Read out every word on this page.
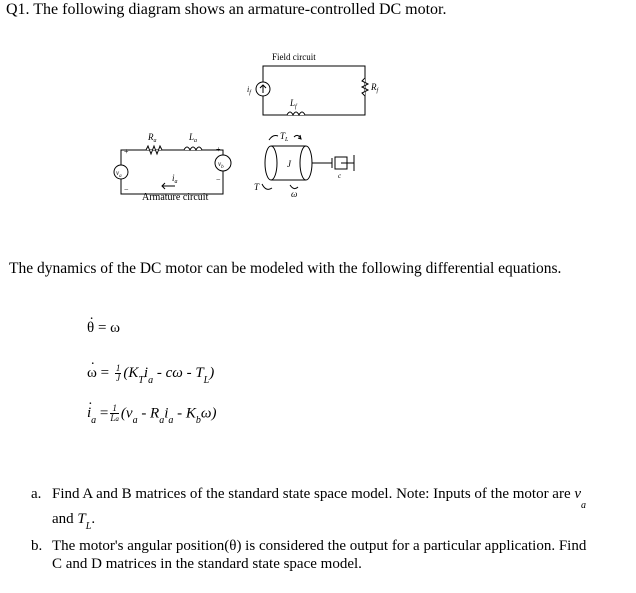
Q1. The following diagram shows an armature-controlled DC motor.
Field circuit
Armature circuit
$R_a$	$L_a$
$v_a$
$v_b$
$i_a$
$i_f$
$L_f$
$R_f$
$T_L$
J
c
T
ω
+
−
+
−
The dynamics of the DC motor can be modeled with the following differential equations.
. θ = ω
. $\omega = \frac{1}{J} (K_Ti_a - c\omega - T_L)$
. $i_a = \frac{1}{La} (v_a - R_ai_a - K_b\omega)$
a. Find A and B matrices of the standard state space model. Note: Inputs of the motor are $v_a$
and $T_L$.
b. The motor's angular position(θ) is considered the output for a particular application. Find
C and D matrices in the standard state space model.
